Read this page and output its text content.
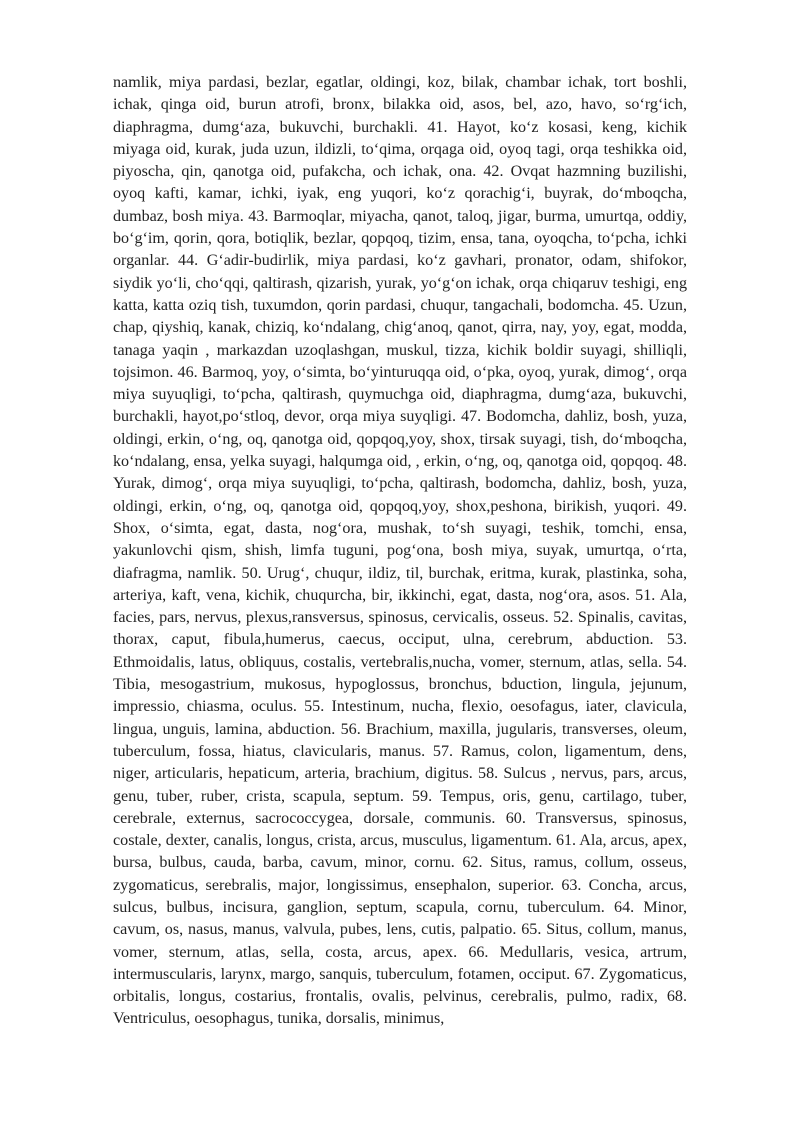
namlik, miya pardasi, bezlar, egatlar, oldingi, koz, bilak, chambar ichak, tort boshli, ichak, qinga oid, burun atrofi, bronx, bilakka oid, asos, bel, azo, havo, so‘rg‘ich, diaphragma, dumg‘aza, bukuvchi, burchakli. 41. Hayot, ko‘z kosasi, keng, kichik miyaga oid, kurak, juda uzun, ildizli, to‘qima, orqaga oid, oyoq tagi, orqa teshikka oid, piyoscha, qin, qanotga oid, pufakcha, och ichak, ona. 42. Ovqat hazmning buzilishi, oyoq kafti, kamar, ichki, iyak, eng yuqori, ko‘z qorachig‘i, buyrak, do‘mboqcha, dumbaz, bosh miya. 43. Barmoqlar, miyacha, qanot, taloq, jigar, burma, umurtqa, oddiy, bo‘g‘im, qorin, qora, botiqlik, bezlar, qopqoq, tizim, ensa, tana, oyoqcha, to‘pcha, ichki organlar. 44. G‘adir-budirlik, miya pardasi, ko‘z gavhari, pronator, odam, shifokor, siydik yo‘li, cho‘qqi, qaltirash, qizarish, yurak, yo‘g‘on ichak, orqa chiqaruv teshigi, eng katta, katta oziq tish, tuxumdon, qorin pardasi, chuqur, tangachali, bodomcha. 45. Uzun, chap, qiyshiq, kanak, chiziq, ko‘ndalang, chig‘anoq, qanot, qirra, nay, yoy, egat, modda, tanaga yaqin , markazdan uzoqlashgan, muskul, tizza, kichik boldir suyagi, shilliqli, tojsimon. 46. Barmoq, yoy, o‘simta, bo‘yinturuqqa oid, o‘pka, oyoq, yurak, dimog‘, orqa miya suyuqligi, to‘pcha, qaltirash, quymuchga oid, diaphragma, dumg‘aza, bukuvchi, burchakli, hayot,po‘stloq, devor, orqa miya suyqligi. 47. Bodomcha, dahliz, bosh, yuza, oldingi, erkin, o‘ng, oq, qanotga oid, qopqoq,yoy, shox, tirsak suyagi, tish, do‘mboqcha, ko‘ndalang, ensa, yelka suyagi, halqumga oid, , erkin, o‘ng, oq, qanotga oid, qopqoq. 48. Yurak, dimog‘, orqa miya suyuqligi, to‘pcha, qaltirash, bodomcha, dahliz, bosh, yuza, oldingi, erkin, o‘ng, oq, qanotga oid, qopqoq,yoy, shox,peshona, birikish, yuqori. 49. Shox, o‘simta, egat, dasta, nog‘ora, mushak, to‘sh suyagi, teshik, tomchi, ensa, yakunlovchi qism, shish, limfa tuguni, pog‘ona, bosh miya, suyak, umurtqa, o‘rta, diafragma, namlik. 50. Urug‘, chuqur, ildiz, til, burchak, eritma, kurak, plastinka, soha, arteriya, kaft, vena, kichik, chuqurcha, bir, ikkinchi, egat, dasta, nog‘ora, asos. 51. Ala, facies, pars, nervus, plexus,ransversus, spinosus, cervicalis, osseus. 52. Spinalis, cavitas, thorax, caput, fibula,humerus, caecus, occiput, ulna, cerebrum, abduction. 53. Ethmoidalis, latus, obliquus, costalis, vertebralis,nucha, vomer, sternum, atlas, sella. 54. Tibia, mesogastrium, mukosus, hypoglossus, bronchus, bduction, lingula, jejunum, impressio, chiasma, oculus. 55. Intestinum, nucha, flexio, oesofagus, iater, clavicula, lingua, unguis, lamina, abduction. 56. Brachium, maxilla, jugularis, transverses, oleum, tuberculum, fossa, hiatus, clavicularis, manus. 57. Ramus, colon, ligamentum, dens, niger, articularis, hepaticum, arteria, brachium, digitus. 58. Sulcus , nervus, pars, arcus, genu, tuber, ruber, crista, scapula, septum. 59. Tempus, oris, genu, cartilago, tuber, cerebrale, externus, sacrococcygea, dorsale, communis. 60. Transversus, spinosus, costale, dexter, canalis, longus, crista, arcus, musculus, ligamentum. 61. Ala, arcus, apex, bursa, bulbus, cauda, barba, cavum, minor, cornu. 62. Situs, ramus, collum, osseus, zygomaticus, serebralis, major, longissimus, ensephalon, superior. 63. Concha, arcus, sulcus, bulbus, incisura, ganglion, septum, scapula, cornu, tuberculum. 64. Minor, cavum, os, nasus, manus, valvula, pubes, lens, cutis, palpatio. 65. Situs, collum, manus, vomer, sternum, atlas, sella, costa, arcus, apex. 66. Medullaris, vesica, artrum, intermuscularis, larynx, margo, sanquis, tuberculum, fotamen, occiput. 67. Zygomaticus, orbitalis, longus, costarius, frontalis, ovalis, pelvinus, cerebralis, pulmo, radix, 68. Ventriculus, oesophagus, tunika, dorsalis, minimus,
